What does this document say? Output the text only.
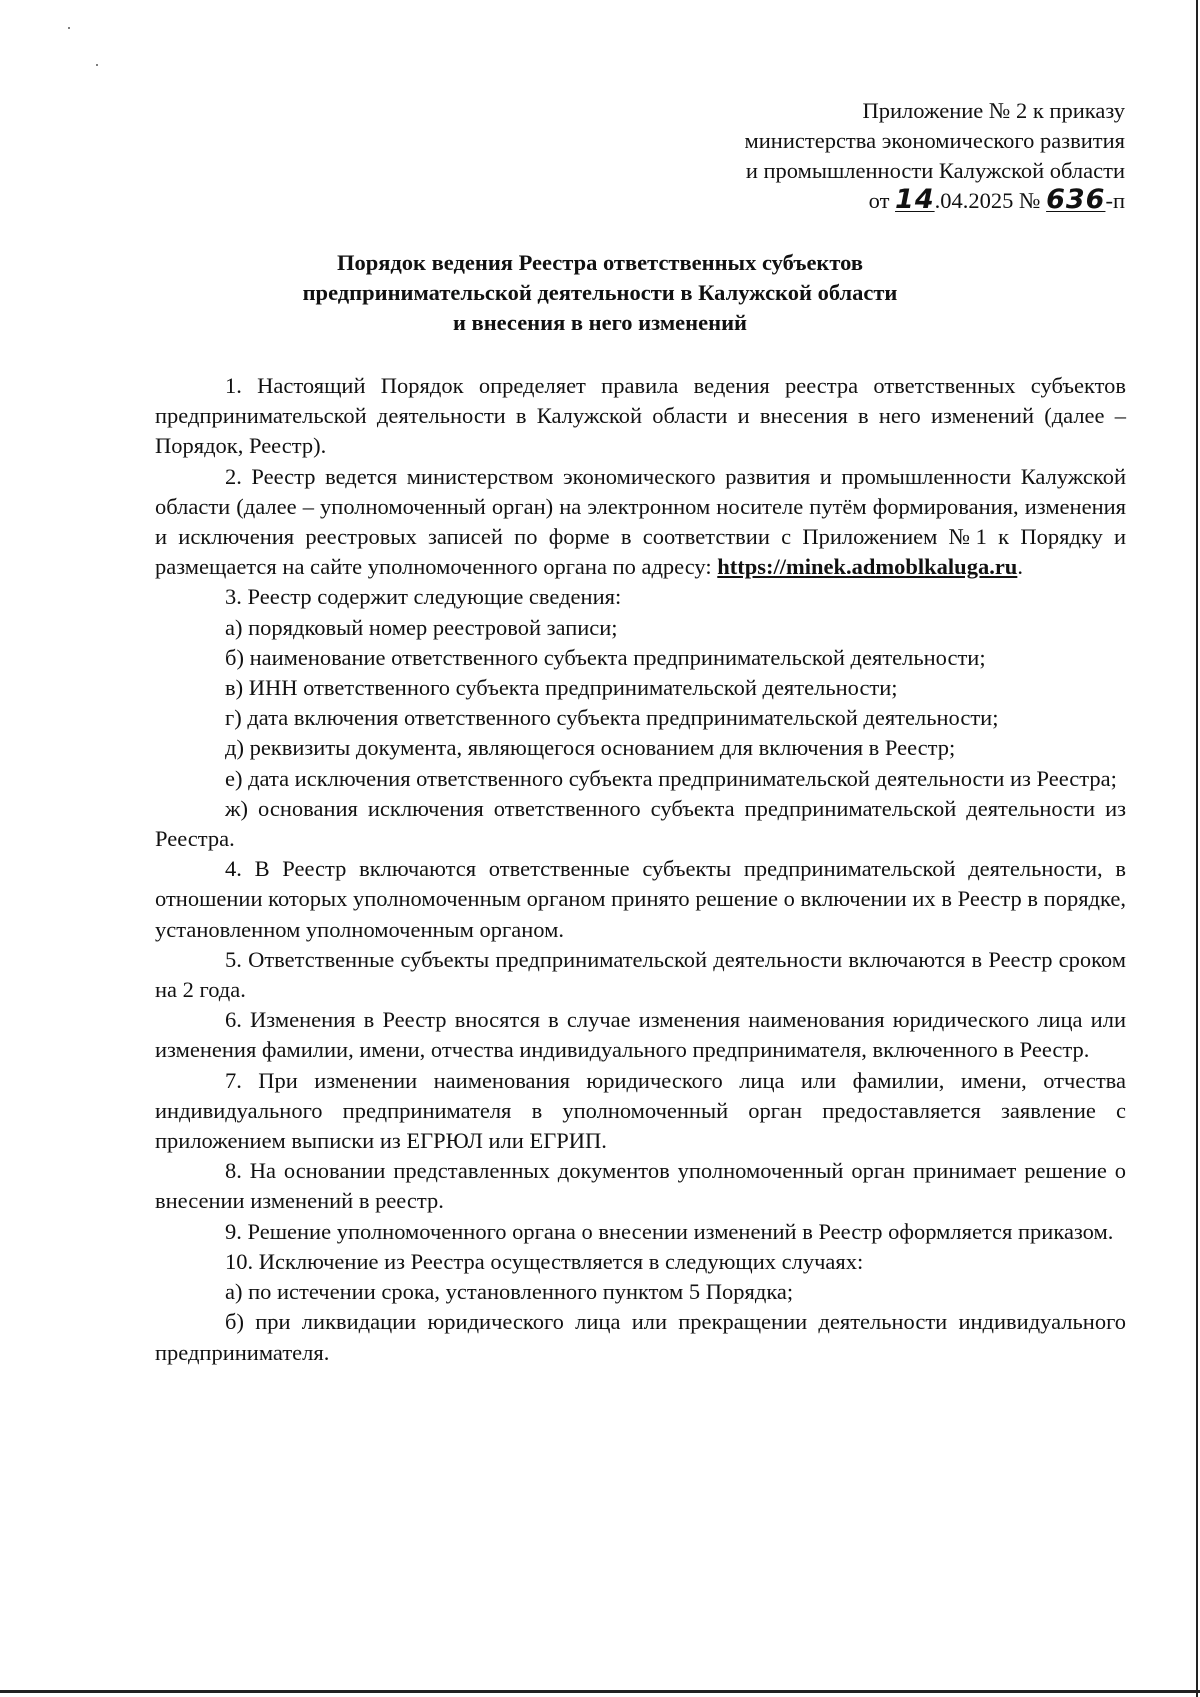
Приложение № 2 к приказу
министерства экономического развития
и промышленности Калужской области
от 14.04.2025 № 636-п
Порядок ведения Реестра ответственных субъектов
предпринимательской деятельности в Калужской области
и внесения в него изменений

1. Настоящий Порядок определяет правила ведения реестра ответственных субъектов предпринимательской деятельности в Калужской области и внесения в него изменений (далее – Порядок, Реестр).

2. Реестр ведется министерством экономического развития и промышленности Калужской области (далее – уполномоченный орган) на электронном носителе путём формирования, изменения и исключения реестровых записей по форме в соответствии с Приложением №1 к Порядку и размещается на сайте уполномоченного органа по адресу: https://minek.admoblkaluga.ru.

3. Реестр содержит следующие сведения:

а) порядковый номер реестровой записи;

б) наименование ответственного субъекта предпринимательской деятельности;

в) ИНН ответственного субъекта предпринимательской деятельности;

г) дата включения ответственного субъекта предпринимательской деятельности;

д) реквизиты документа, являющегося основанием для включения в Реестр;

е) дата исключения ответственного субъекта предпринимательской деятельности из Реестра;

ж) основания исключения ответственного субъекта предпринимательской деятельности из Реестра.

4. В Реестр включаются ответственные субъекты предпринимательской деятельности, в отношении которых уполномоченным органом принято решение о включении их в Реестр в порядке, установленном уполномоченным органом.

5. Ответственные субъекты предпринимательской деятельности включаются в Реестр сроком на 2 года.

6. Изменения в Реестр вносятся в случае изменения наименования юридического лица или изменения фамилии, имени, отчества индивидуального предпринимателя, включенного в Реестр.

7. При изменении наименования юридического лица или фамилии, имени, отчества индивидуального предпринимателя в уполномоченный орган предоставляется заявление с приложением выписки из ЕГРЮЛ или ЕГРИП.

8. На основании представленных документов уполномоченный орган принимает решение о внесении изменений в реестр.

9. Решение уполномоченного органа о внесении изменений в Реестр оформляется приказом.

10. Исключение из Реестра осуществляется в следующих случаях:

а) по истечении срока, установленного пунктом 5 Порядка;

б) при ликвидации юридического лица или прекращении деятельности индивидуального предпринимателя.
